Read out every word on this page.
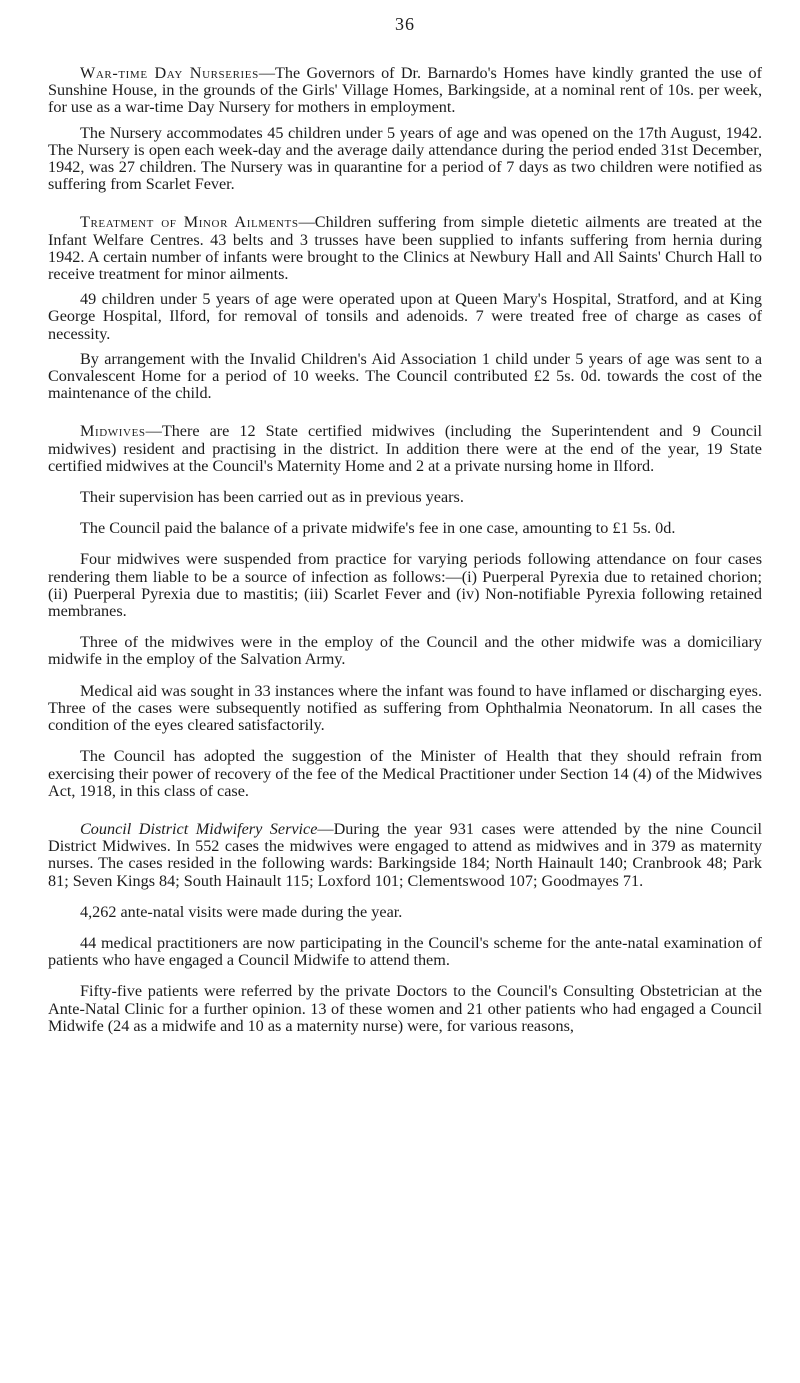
36

War-time Day Nurseries—The Governors of Dr. Barnardo's Homes have kindly granted the use of Sunshine House, in the grounds of the Girls' Village Homes, Barkingside, at a nominal rent of 10s. per week, for use as a war-time Day Nursery for mothers in employment.

The Nursery accommodates 45 children under 5 years of age and was opened on the 17th August, 1942. The Nursery is open each week-day and the average daily attendance during the period ended 31st December, 1942, was 27 children. The Nursery was in quarantine for a period of 7 days as two children were notified as suffering from Scarlet Fever.

Treatment of Minor Ailments—Children suffering from simple dietetic ailments are treated at the Infant Welfare Centres. 43 belts and 3 trusses have been supplied to infants suffering from hernia during 1942. A certain number of infants were brought to the Clinics at Newbury Hall and All Saints' Church Hall to receive treatment for minor ailments.

49 children under 5 years of age were operated upon at Queen Mary's Hospital, Stratford, and at King George Hospital, Ilford, for removal of tonsils and adenoids. 7 were treated free of charge as cases of necessity.

By arrangement with the Invalid Children's Aid Association 1 child under 5 years of age was sent to a Convalescent Home for a period of 10 weeks. The Council contributed £2 5s. 0d. towards the cost of the maintenance of the child.

Midwives—There are 12 State certified midwives (including the Superintendent and 9 Council midwives) resident and practising in the district. In addition there were at the end of the year, 19 State certified midwives at the Council's Maternity Home and 2 at a private nursing home in Ilford.

Their supervision has been carried out as in previous years.

The Council paid the balance of a private midwife's fee in one case, amounting to £1 5s. 0d.

Four midwives were suspended from practice for varying periods following attendance on four cases rendering them liable to be a source of infection as follows:—(i) Puerperal Pyrexia due to retained chorion; (ii) Puerperal Pyrexia due to mastitis; (iii) Scarlet Fever and (iv) Non-notifiable Pyrexia following retained membranes.

Three of the midwives were in the employ of the Council and the other midwife was a domiciliary midwife in the employ of the Salvation Army.

Medical aid was sought in 33 instances where the infant was found to have inflamed or discharging eyes. Three of the cases were subsequently notified as suffering from Ophthalmia Neonatorum. In all cases the condition of the eyes cleared satisfactorily.

The Council has adopted the suggestion of the Minister of Health that they should refrain from exercising their power of recovery of the fee of the Medical Practitioner under Section 14 (4) of the Midwives Act, 1918, in this class of case.

Council District Midwifery Service—During the year 931 cases were attended by the nine Council District Midwives. In 552 cases the midwives were engaged to attend as midwives and in 379 as maternity nurses. The cases resided in the following wards: Barkingside 184; North Hainault 140; Cranbrook 48; Park 81; Seven Kings 84; South Hainault 115; Loxford 101; Clementswood 107; Goodmayes 71.

4,262 ante-natal visits were made during the year.

44 medical practitioners are now participating in the Council's scheme for the ante-natal examination of patients who have engaged a Council Midwife to attend them.

Fifty-five patients were referred by the private Doctors to the Council's Consulting Obstetrician at the Ante-Natal Clinic for a further opinion. 13 of these women and 21 other patients who had engaged a Council Midwife (24 as a midwife and 10 as a maternity nurse) were, for various reasons,
